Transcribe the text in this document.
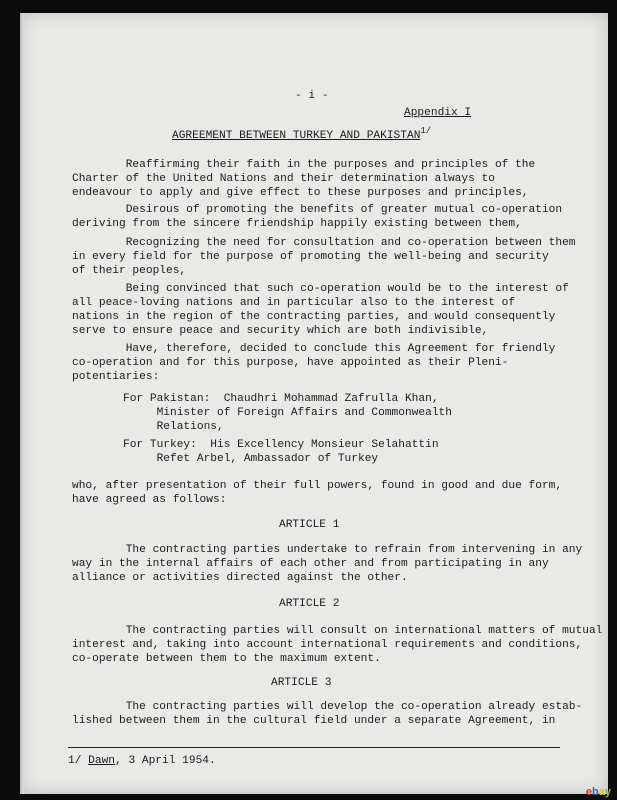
- i -
Appendix I
AGREEMENT BETWEEN TURKEY AND $PAKISTAN^{1/}$
Reaffirming their faith in the purposes and principles of the
Charter of the United Nations and their determination always to
endeavour to apply and give effect to these purposes and principles,
Desirous of promoting the benefits of greater mutual co-operation
deriving from the sincere friendship happily existing between them,
Recognizing the need for consultation and co-operation between them
in every field for the purpose of promoting the well-being and security
of their peoples,
Being convinced that such co-operation would be to the interest of
all peace-loving nations and in particular also to the interest of
nations in the region of the contracting parties, and would consequently
serve to ensure peace and security which are both indivisible,
Have, therefore, decided to conclude this Agreement for friendly
co-operation and for this purpose, have appointed as their Pleni-
potentiaries:
For Pakistan:  Chaudhri Mohammad Zafrulla Khan,
Minister of Foreign Affairs and Commonwealth
Relations,
For Turkey:  His Excellency Monsieur Selahattin
Refet Arbel, Ambassador of Turkey
who, after presentation of their full powers, found in good and due form,
have agreed as follows:
ARTICLE 1
The contracting parties undertake to refrain from intervening in any
way in the internal affairs of each other and from participating in any
alliance or activities directed against the other.
ARTICLE 2
The contracting parties will consult on international matters of mutual
interest and, taking into account international requirements and conditions,
co-operate between them to the maximum extent.
ARTICLE 3
The contracting parties will develop the co-operation already estab-
lished between them in the cultural field under a separate Agreement, in
1/ Dawn, 3 April 1954.
ebay
